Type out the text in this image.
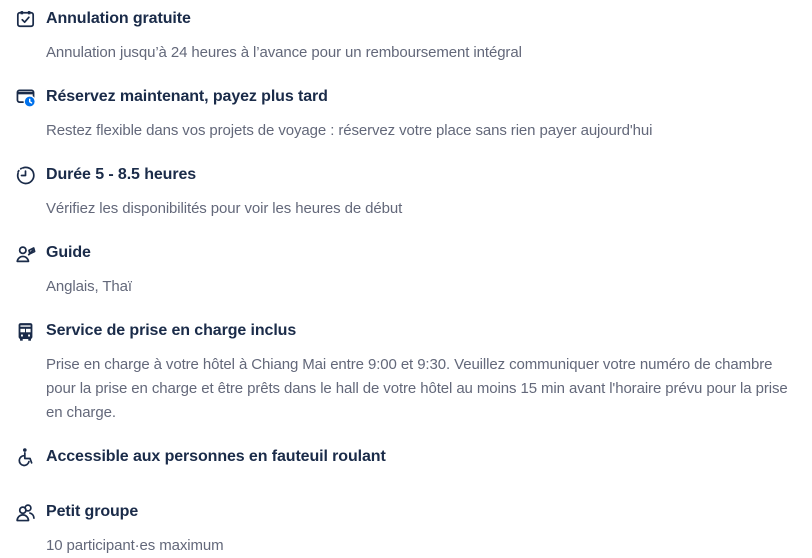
Annulation gratuite
Annulation jusqu’à 24 heures à l’avance pour un remboursement intégral
Réservez maintenant, payez plus tard
Restez flexible dans vos projets de voyage : réservez votre place sans rien payer aujourd'hui
Durée 5 - 8.5 heures
Vérifiez les disponibilités pour voir les heures de début
Guide
Anglais, Thaï
Service de prise en charge inclus
Prise en charge à votre hôtel à Chiang Mai entre 9:00 et 9:30. Veuillez communiquer votre numéro de chambre pour la prise en charge et être prêts dans le hall de votre hôtel au moins 15 min avant l'horaire prévu pour la prise en charge.
Accessible aux personnes en fauteuil roulant
Petit groupe
10 participant·es maximum
